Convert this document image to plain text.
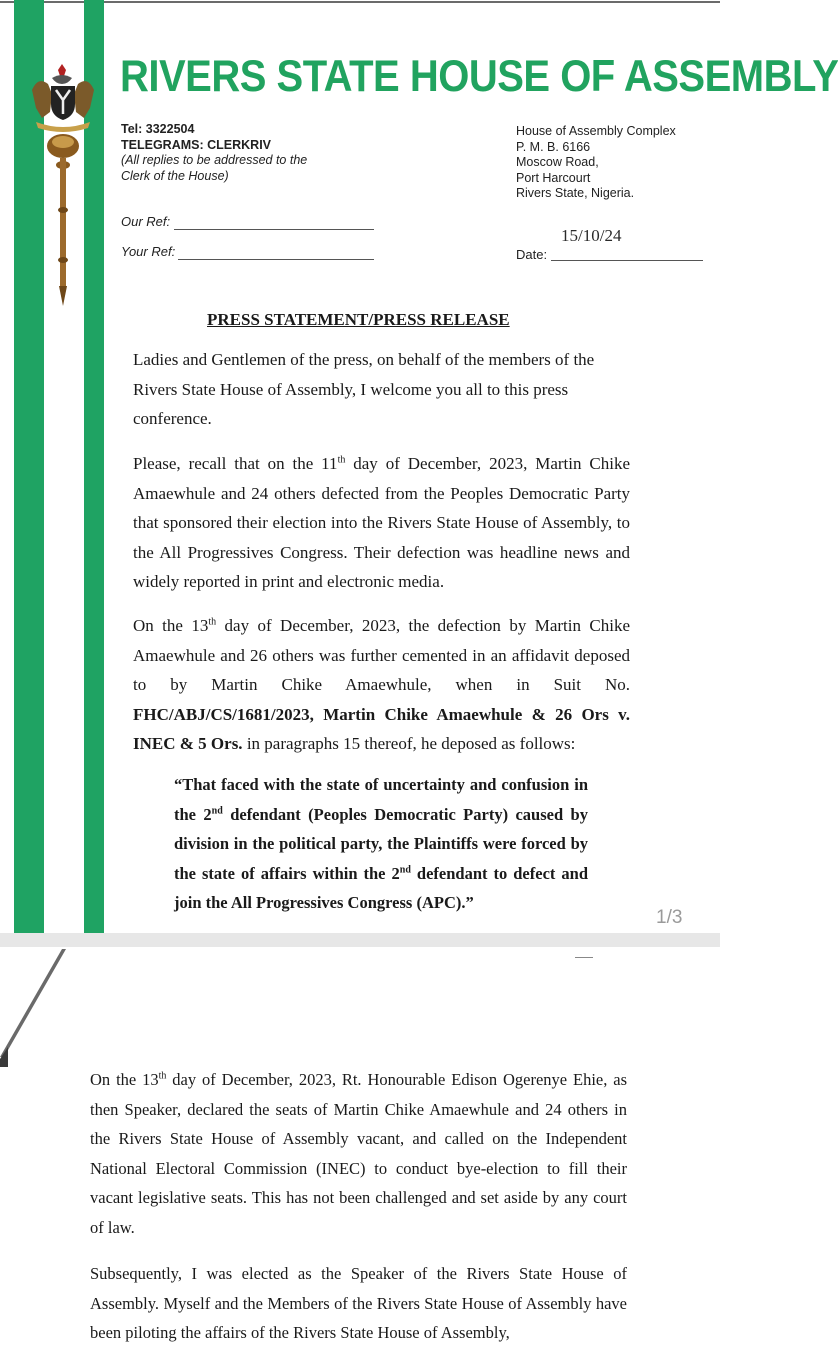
RIVERS STATE HOUSE OF ASSEMBLY
Tel: 3322504
TELEGRAMS: CLERKRIV
(All replies to be addressed to the
Clerk of the House)
House of Assembly Complex
P. M. B. 6166
Moscow Road,
Port Harcourt
Rivers State, Nigeria.
Our Ref:
Your Ref:
15/10/24
Date:
PRESS STATEMENT/PRESS RELEASE

Ladies and Gentlemen of the press, on behalf of the members of the Rivers State House of Assembly, I welcome you all to this press conference.

Please, recall that on the 11th day of December, 2023, Martin Chike Amaewhule and 24 others defected from the Peoples Democratic Party that sponsored their election into the Rivers State House of Assembly, to the All Progressives Congress. Their defection was headline news and widely reported in print and electronic media.

On the 13th day of December, 2023, the defection by Martin Chike Amaewhule and 26 others was further cemented in an affidavit deposed to by Martin Chike Amaewhule, when in Suit No. FHC/ABJ/CS/1681/2023, Martin Chike Amaewhule & 26 Ors v. INEC & 5 Ors. in paragraphs 15 thereof, he deposed as follows:

“That faced with the state of uncertainty and confusion in the 2nd defendant (Peoples Democratic Party) caused by division in the political party, the Plaintiffs were forced by the state of affairs within the 2nd defendant to defect and join the All Progressives Congress (APC).”

1/3

On the 13th day of December, 2023, Rt. Honourable Edison Ogerenye Ehie, as then Speaker, declared the seats of Martin Chike Amaewhule and 24 others in the Rivers State House of Assembly vacant, and called on the Independent National Electoral Commission (INEC) to conduct bye-election to fill their vacant legislative seats. This has not been challenged and set aside by any court of law.

Subsequently, I was elected as the Speaker of the Rivers State House of Assembly. Myself and the Members of the Rivers State House of Assembly have been piloting the affairs of the Rivers State House of Assembly,
